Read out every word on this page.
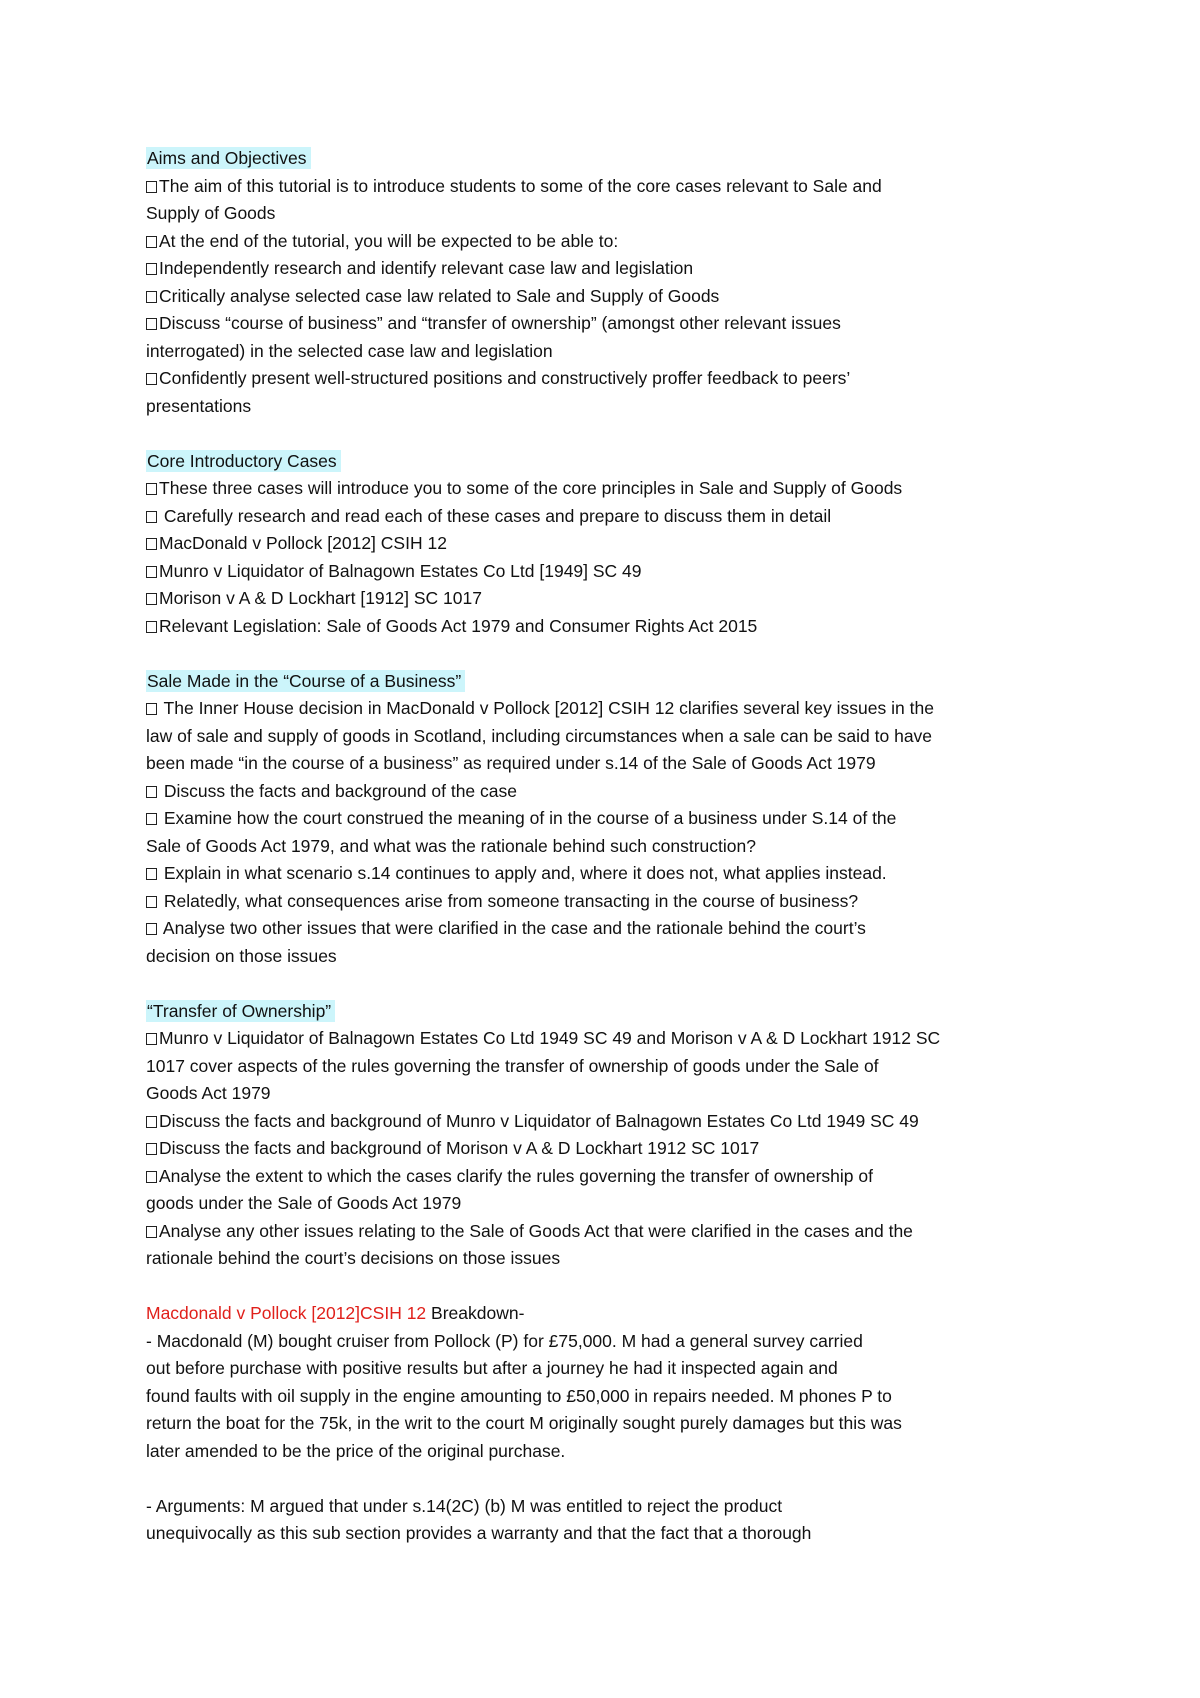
Aims and Objectives
The aim of this tutorial is to introduce students to some of the core cases relevant to Sale and
Supply of Goods
At the end of the tutorial, you will be expected to be able to:
Independently research and identify relevant case law and legislation
Critically analyse selected case law related to Sale and Supply of Goods
Discuss “course of business” and “transfer of ownership” (amongst other relevant issues
interrogated) in the selected case law and legislation
Confidently present well-structured positions and constructively proffer feedback to peers’
presentations
Core Introductory Cases
These three cases will introduce you to some of the core principles in Sale and Supply of Goods
Carefully research and read each of these cases and prepare to discuss them in detail
MacDonald v Pollock [2012] CSIH 12
Munro v Liquidator of Balnagown Estates Co Ltd [1949] SC 49
Morison v A & D Lockhart [1912] SC 1017
Relevant Legislation: Sale of Goods Act 1979 and Consumer Rights Act 2015
Sale Made in the “Course of a Business”
The Inner House decision in MacDonald v Pollock [2012] CSIH 12 clarifies several key issues in the
law of sale and supply of goods in Scotland, including circumstances when a sale can be said to have
been made “in the course of a business” as required under s.14 of the Sale of Goods Act 1979
Discuss the facts and background of the case
Examine how the court construed the meaning of in the course of a business under S.14 of the
Sale of Goods Act 1979, and what was the rationale behind such construction?
Explain in what scenario s.14 continues to apply and, where it does not, what applies instead.
Relatedly, what consequences arise from someone transacting in the course of business?
Analyse two other issues that were clarified in the case and the rationale behind the court’s
decision on those issues
“Transfer of Ownership”
Munro v Liquidator of Balnagown Estates Co Ltd 1949 SC 49 and Morison v A & D Lockhart 1912 SC
1017 cover aspects of the rules governing the transfer of ownership of goods under the Sale of
Goods Act 1979
Discuss the facts and background of Munro v Liquidator of Balnagown Estates Co Ltd 1949 SC 49
Discuss the facts and background of Morison v A & D Lockhart 1912 SC 1017
Analyse the extent to which the cases clarify the rules governing the transfer of ownership of
goods under the Sale of Goods Act 1979
Analyse any other issues relating to the Sale of Goods Act that were clarified in the cases and the
rationale behind the court’s decisions on those issues
Macdonald v Pollock [2012]CSIH 12 Breakdown-
- Macdonald (M) bought cruiser from Pollock (P) for £75,000. M had a general survey carried
out before purchase with positive results but after a journey he had it inspected again and
found faults with oil supply in the engine amounting to £50,000 in repairs needed. M phones P to
return the boat for the 75k, in the writ to the court M originally sought purely damages but this was
later amended to be the price of the original purchase.
- Arguments: M argued that under s.14(2C) (b) M was entitled to reject the product
unequivocally as this sub section provides a warranty and that the fact that a thorough
